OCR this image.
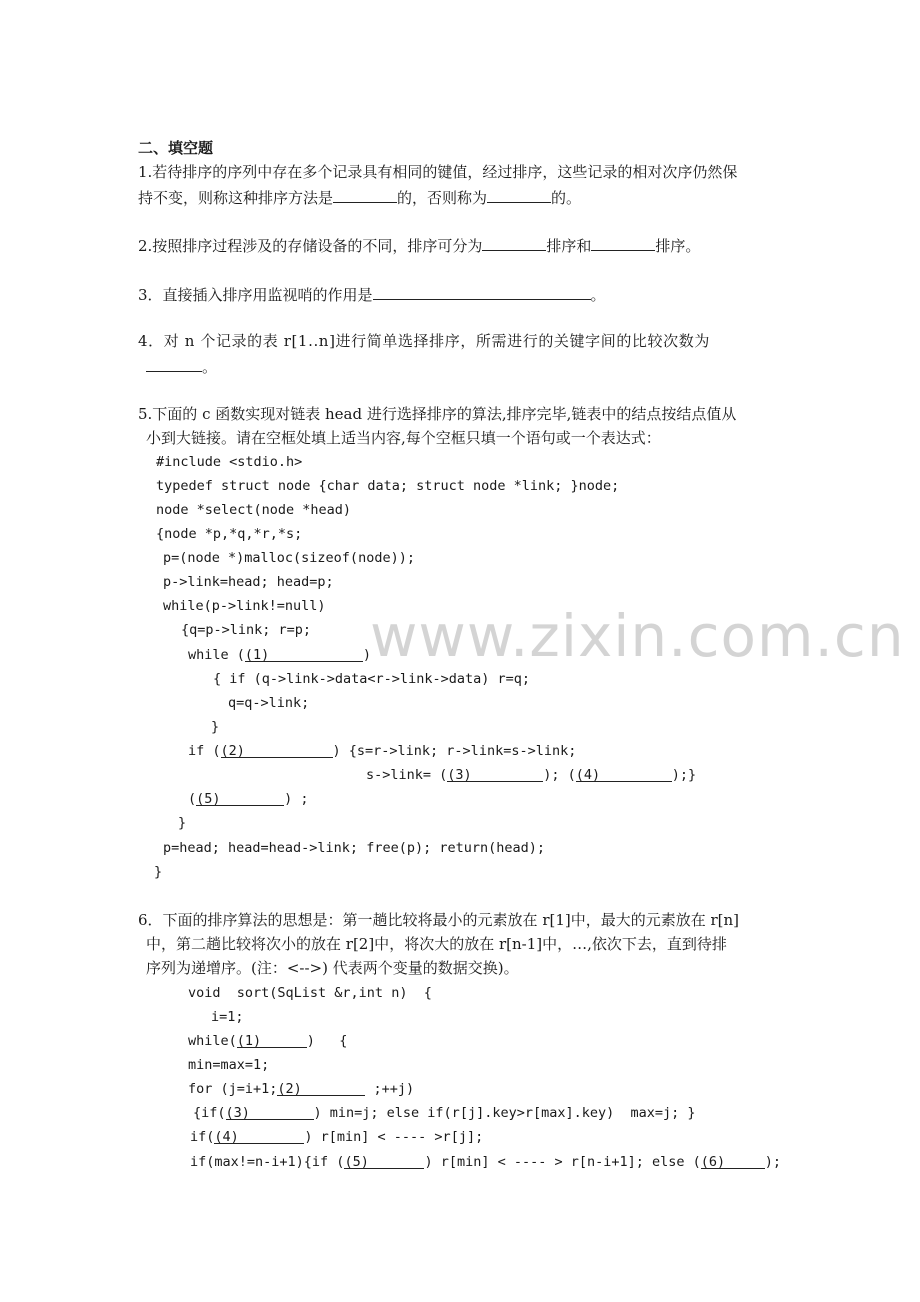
www.zixin.com.cn
二、填空题
1.若待排序的序列中存在多个记录具有相同的键值，经过排序，这些记录的相对次序仍然保
持不变，则称这种排序方法是	的，否则称为	的。
2.按照排序过程涉及的存储设备的不同，排序可分为	排序和	排序。
3．直接插入排序用监视哨的作用是	。
4．对 n 个记录的表 r[1..n]进行简单选择排序，所需进行的关键字间的比较次数为
。
5.下面的 c 函数实现对链表 head 进行选择排序的算法,排序完毕,链表中的结点按结点值从
小到大链接。请在空框处填上适当内容,每个空框只填一个语句或一个表达式：
#include <stdio.h>
typedef struct node {char data; struct node *link; }node;
node *select(node *head)
{node *p,*q,*r,*s;
p=(node *)malloc(sizeof(node));
p->link=head; head=p;
while(p->link!=null)
{q=p->link; r=p;
while ((1)	)
{ if (q->link->data<r->link->data) r=q;
q=q->link;
}
if ((2)	) {s=r->link; r->link=s->link;
s->link= ((3)	); ((4)	);}
((5)	) ;
}
p=head; head=head->link; free(p); return(head);
}
6．下面的排序算法的思想是：第一趟比较将最小的元素放在 r[1]中，最大的元素放在 r[n]
中，第二趟比较将次小的放在 r[2]中，将次大的放在 r[n-1]中，…,依次下去，直到待排
序列为递增序。(注：<-->) 代表两个变量的数据交换)。
void  sort(SqList &r,int n)  {
i=1;
while((1)	)   {
min=max=1;
for (j=i+1;(2)	;++j)
{if((3)	) min=j; else if(r[j].key>r[max].key)  max=j; }
if((4)	) r[min] < ---- >r[j];
if(max!=n-i+1){if ((5)	) r[min] < ---- > r[n-i+1]; else ((6)	);
